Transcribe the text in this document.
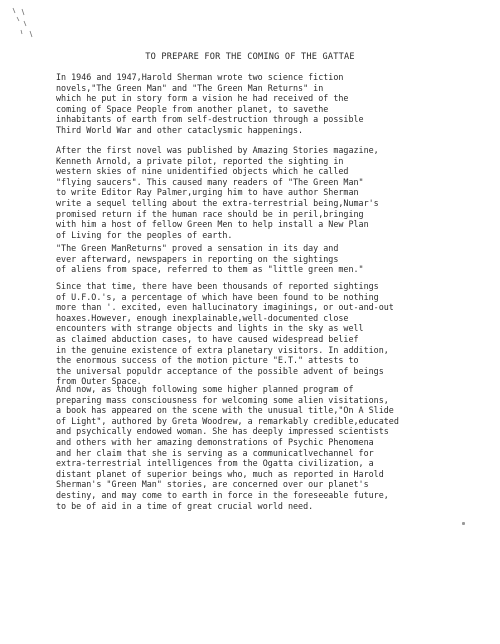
TO PREPARE FOR THE COMING OF THE GATTAE
In 1946 and 1947,Harold Sherman wrote two science fiction
novels,"The Green Man" and "The Green Man Returns" in
which he put in story form a vision he had received of the
coming of Space People from another planet, to savethe
inhabitants of earth from self-destruction through a possible
Third World War and other cataclysmic happenings.
After the first novel was published by Amazing Stories magazine,
Kenneth Arnold, a private pilot, reported the sighting in
western skies of nine unidentified objects which he called
"flying saucers". This caused many readers of "The Green Man"
to write Editor Ray Palmer,urging him to have author Sherman
write a sequel telling about the extra-terrestrial being,Numar's
promised return if the human race should be in peril,bringing
with him a host of fellow Green Men to help install a New Plan
of Living for the peoples of earth.
"The Green ManReturns" proved a sensation in its day and
ever afterward, newspapers in reporting on the sightings
of aliens from space, referred to them as "little green men."
Since that time, there have been thousands of reported sightings
of U.F.O.'s, a percentage of which have been found to be nothing
more than '. excited, even hallucinatory imaginings, or out-and-out
hoaxes.However, enough inexplainable,well-documented close
encounters with strange objects and lights in the sky as well
as claimed abduction cases, to have caused widespread belief
in the genuine existence of extra planetary visitors. In addition,
the enormous success of the motion picture "E.T." attests to
the universal populdr acceptance of the possible advent of beings
from Outer Space.
And now, as though following some higher planned program of
preparing mass consciousness for welcoming some alien visitations,
a book has appeared on the scene with the unusual title,"On A Slide
of Light", authored by Greta Woodrew, a remarkably credible,educated
and psychically endowed woman. She has deeply impressed scientists
and others with her amazing demonstrations of Psychic Phenomena
and her claim that she is serving as a communicatlvechannel for
extra-terrestrial intelligences from the Ogatta civilization, a
distant planet of superior beings who, much as reported in Harold
Sherman's "Green Man" stories, are concerned over our planet's
destiny, and may come to earth in force in the foreseeable future,
to be of aid in a time of great crucial world need.
